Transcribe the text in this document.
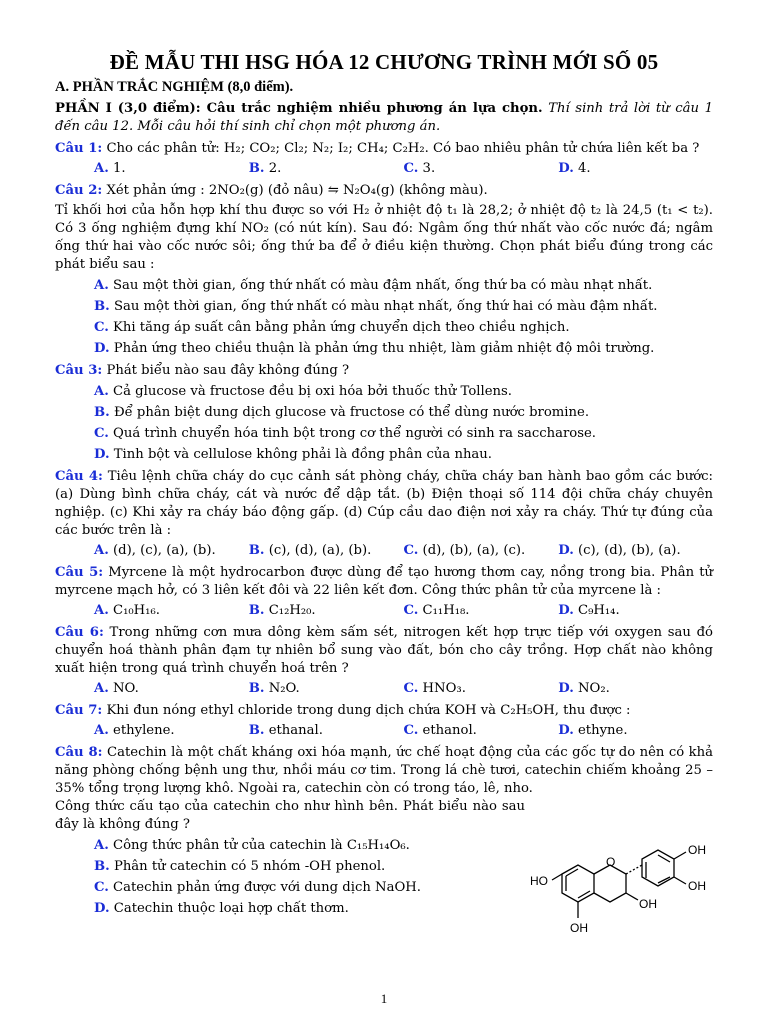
ĐỀ MẪU THI HSG HÓA 12 CHƯƠNG TRÌNH MỚI SỐ 05
A. PHẦN TRẮC NGHIỆM (8,0 điểm).

PHẦN I (3,0 điểm): Câu trắc nghiệm nhiều phương án lựa chọn. Thí sinh trả lời từ câu 1 đến câu 12. Mỗi câu hỏi thí sinh chỉ chọn một phương án.

Câu 1: Cho các phân tử: H₂; CO₂; Cl₂; N₂; I₂; CH₄; C₂H₂. Có bao nhiêu phân tử chứa liên kết ba ?

A. 1.	B. 2.	C. 3.	D. 4.

Câu 2: Xét phản ứng : 2NO₂(g) (đỏ nâu) ⇋ N₂O₄(g) (không màu).

Tỉ khối hơi của hỗn hợp khí thu được so với H₂ ở nhiệt độ t₁ là 28,2; ở nhiệt độ t₂ là 24,5 (t₁ < t₂). Có 3 ống nghiệm đựng khí NO₂ (có nút kín). Sau đó: Ngâm ống thứ nhất vào cốc nước đá; ngâm ống thứ hai vào cốc nước sôi; ống thứ ba để ở điều kiện thường. Chọn phát biểu đúng trong các phát biểu sau :

A. Sau một thời gian, ống thứ nhất có màu đậm nhất, ống thứ ba có màu nhạt nhất.
B. Sau một thời gian, ống thứ nhất có màu nhạt nhất, ống thứ hai có màu đậm nhất.
C. Khi tăng áp suất cân bằng phản ứng chuyển dịch theo chiều nghịch.
D. Phản ứng theo chiều thuận là phản ứng thu nhiệt, làm giảm nhiệt độ môi trường.

Câu 3: Phát biểu nào sau đây không đúng ?

A. Cả glucose và fructose đều bị oxi hóa bởi thuốc thử Tollens.
B. Để phân biệt dung dịch glucose và fructose có thể dùng nước bromine.
C. Quá trình chuyển hóa tinh bột trong cơ thể người có sinh ra saccharose.
D. Tinh bột và cellulose không phải là đồng phân của nhau.

Câu 4: Tiêu lệnh chữa cháy do cục cảnh sát phòng cháy, chữa cháy ban hành bao gồm các bước: (a) Dùng bình chữa cháy, cát và nước để dập tắt. (b) Điện thoại số 114 đội chữa cháy chuyên nghiệp. (c) Khi xảy ra cháy báo động gấp. (d) Cúp cầu dao điện nơi xảy ra cháy. Thứ tự đúng của các bước trên là :

A. (d), (c), (a), (b).	B. (c), (d), (a), (b).	C. (d), (b), (a), (c).	D. (c), (d), (b), (a).

Câu 5: Myrcene là một hydrocarbon được dùng để tạo hương thơm cay, nồng trong bia. Phân tử myrcene mạch hở, có 3 liên kết đôi và 22 liên kết đơn. Công thức phân tử của myrcene là :

A. C₁₀H₁₆.	B. C₁₂H₂₀.	C. C₁₁H₁₈.	D. C₉H₁₄.

Câu 6: Trong những cơn mưa dông kèm sấm sét, nitrogen kết hợp trực tiếp với oxygen sau đó chuyển hoá thành phân đạm tự nhiên bổ sung vào đất, bón cho cây trồng. Hợp chất nào không xuất hiện trong quá trình chuyển hoá trên ?

A. NO.	B. N₂O.	C. HNO₃.	D. NO₂.

Câu 7: Khi đun nóng ethyl chloride trong dung dịch chứa KOH và C₂H₅OH, thu được :

A. ethylene.	B. ethanal.	C. ethanol.	D. ethyne.

Câu 8: Catechin là một chất kháng oxi hóa mạnh, ức chế hoạt động của các gốc tự do nên có khả năng phòng chống bệnh ung thư, nhồi máu cơ tim. Trong lá chè tươi, catechin chiếm khoảng 25 – 35% tổng trọng lượng khô. Ngoài ra, catechin còn có trong táo, lê, nho.

Công thức cấu tạo của catechin cho như hình bên. Phát biểu nào sau đây là không đúng ?

A. Công thức phân tử của catechin là C₁₅H₁₄O₆.
B. Phân tử catechin có 5 nhóm -OH phenol.
C. Catechin phản ứng được với dung dịch NaOH.
D. Catechin thuộc loại hợp chất thơm.
OH
OH
HO
O
OH
OH
1
